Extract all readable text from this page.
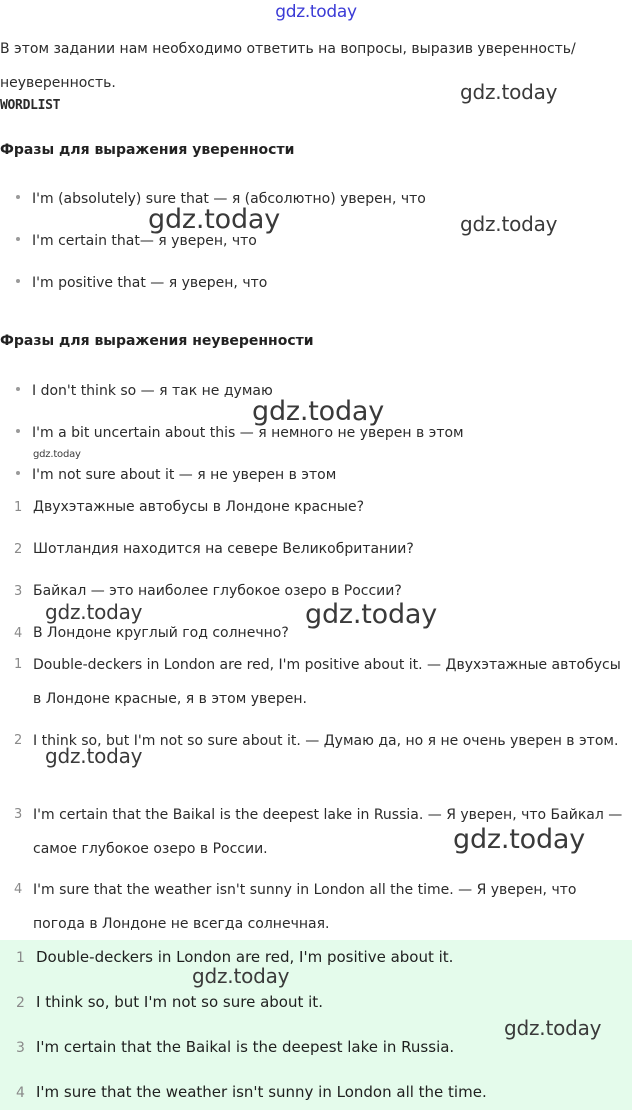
gdz.today
В этом задании нам необходимо ответить на вопросы, выразив уверенность/неуверенность.
WORDLIST
Фразы для выражения уверенности
I'm (absolutely) sure that — я (абсолютно) уверен, что
I'm certain that— я уверен, что
I'm positive that — я уверен, что
Фразы для выражения неуверенности
I don't think so — я так не думаю
I'm a bit uncertain about this — я немного не уверен в этом
I'm not sure about it — я не уверен в этом
1 Двухэтажные автобусы в Лондоне красные?
2 Шотландия находится на севере Великобритании?
3 Байкал — это наиболее глубокое озеро в России?
4 В Лондоне круглый год солнечно?
1 Double-deckers in London are red, I'm positive about it. — Двухэтажные автобусы в Лондоне красные, я в этом уверен.
2 I think so, but I'm not so sure about it. — Думаю да, но я не очень уверен в этом.
3 I'm certain that the Baikal is the deepest lake in Russia. — Я уверен, что Байкал — самое глубокое озеро в России.
4 I'm sure that the weather isn't sunny in London all the time. — Я уверен, что погода в Лондоне не всегда солнечная.
1 Double-deckers in London are red, I'm positive about it.
2 I think so, but I'm not so sure about it.
3 I'm certain that the Baikal is the deepest lake in Russia.
4 I'm sure that the weather isn't sunny in London all the time.
gdz.today
gdz.today	gdz.today
gdz.today
gdz.today
gdz.today	gdz.today
gdz.today
gdz.today
gdz.today
gdz.today
